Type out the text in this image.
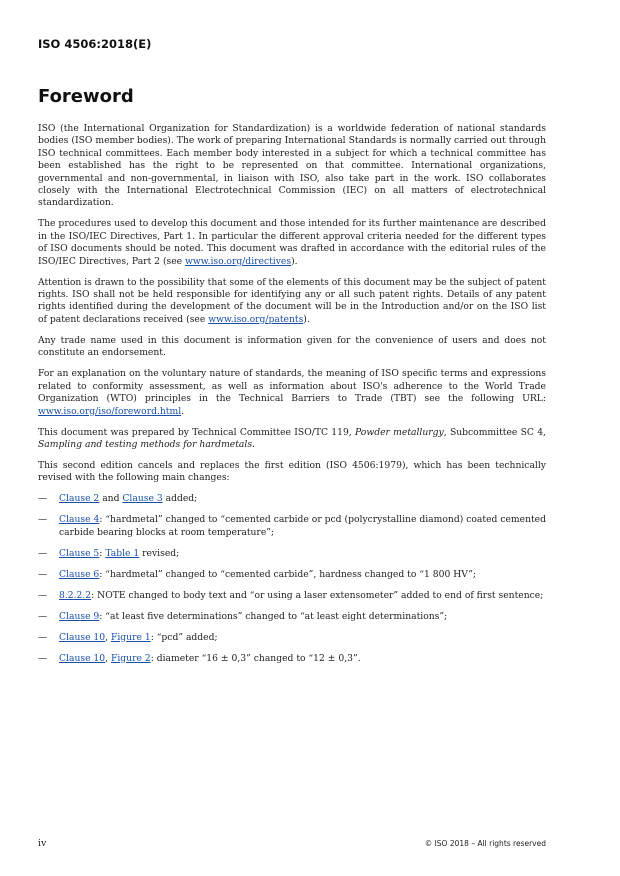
ISO 4506:2018(E)
Foreword

ISO (the International Organization for Standardization) is a worldwide federation of national standards bodies (ISO member bodies). The work of preparing International Standards is normally carried out through ISO technical committees. Each member body interested in a subject for which a technical committee has been established has the right to be represented on that committee. International organizations, governmental and non-governmental, in liaison with ISO, also take part in the work. ISO collaborates closely with the International Electrotechnical Commission (IEC) on all matters of electrotechnical standardization.

The procedures used to develop this document and those intended for its further maintenance are described in the ISO/IEC Directives, Part 1. In particular the different approval criteria needed for the different types of ISO documents should be noted. This document was drafted in accordance with the editorial rules of the ISO/IEC Directives, Part 2 (see www.iso.org/directives).

Attention is drawn to the possibility that some of the elements of this document may be the subject of patent rights. ISO shall not be held responsible for identifying any or all such patent rights. Details of any patent rights identified during the development of the document will be in the Introduction and/or on the ISO list of patent declarations received (see www.iso.org/patents).

Any trade name used in this document is information given for the convenience of users and does not constitute an endorsement.

For an explanation on the voluntary nature of standards, the meaning of ISO specific terms and expressions related to conformity assessment, as well as information about ISO's adherence to the World Trade Organization (WTO) principles in the Technical Barriers to Trade (TBT) see the following URL: www.iso.org/iso/foreword.html.

This document was prepared by Technical Committee ISO/TC 119, Powder metallurgy, Subcommittee SC 4, Sampling and testing methods for hardmetals.

This second edition cancels and replaces the first edition (ISO 4506:1979), which has been technically revised with the following main changes:

—	Clause 2 and Clause 3 added;
—	Clause 4: “hardmetal” changed to “cemented carbide or pcd (polycrystalline diamond) coated cemented carbide bearing blocks at room temperature”;
—	Clause 5: Table 1 revised;
—	Clause 6: “hardmetal” changed to “cemented carbide”, hardness changed to “1 800 HV”;
—	8.2.2.2: NOTE changed to body text and “or using a laser extensometer” added to end of first sentence;
—	Clause 9: “at least five determinations” changed to “at least eight determinations”;
—	Clause 10, Figure 1: “pcd” added;
—	Clause 10, Figure 2: diameter “16 ± 0,3” changed to “12 ± 0,3”.
iv	© ISO 2018 – All rights reserved
